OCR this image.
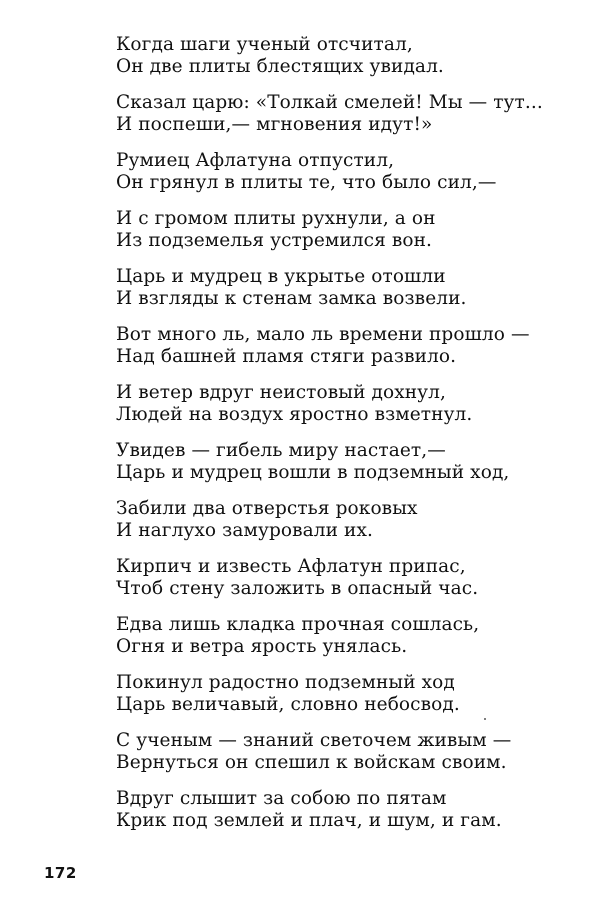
Когда шаги ученый отсчитал,
Он две плиты блестящих увидал.
Сказал царю: «Толкай смелей! Мы — тут...
И поспеши,— мгновения идут!»
Румиец Афлатуна отпустил,
Он грянул в плиты те, что было сил,—
И с громом плиты рухнули, а он
Из подземелья устремился вон.
Царь и мудрец в укрытье отошли
И взгляды к стенам замка возвели.
Вот много ль, мало ль времени прошло —
Над башней пламя стяги развило.
И ветер вдруг неистовый дохнул,
Людей на воздух яростно взметнул.
Увидев — гибель миру настает,—
Царь и мудрец вошли в подземный ход,
Забили два отверстья роковых
И наглухо замуровали их.
Кирпич и известь Афлатун припас,
Чтоб стену заложить в опасный час.
Едва лишь кладка прочная сошлась,
Огня и ветра ярость унялась.
Покинул радостно подземный ход
Царь величавый, словно небосвод.
С ученым — знаний светочем живым —
Вернуться он спешил к войскам своим.
Вдруг слышит за собою по пятам
Крик под землей и плач, и шум, и гам.
172
